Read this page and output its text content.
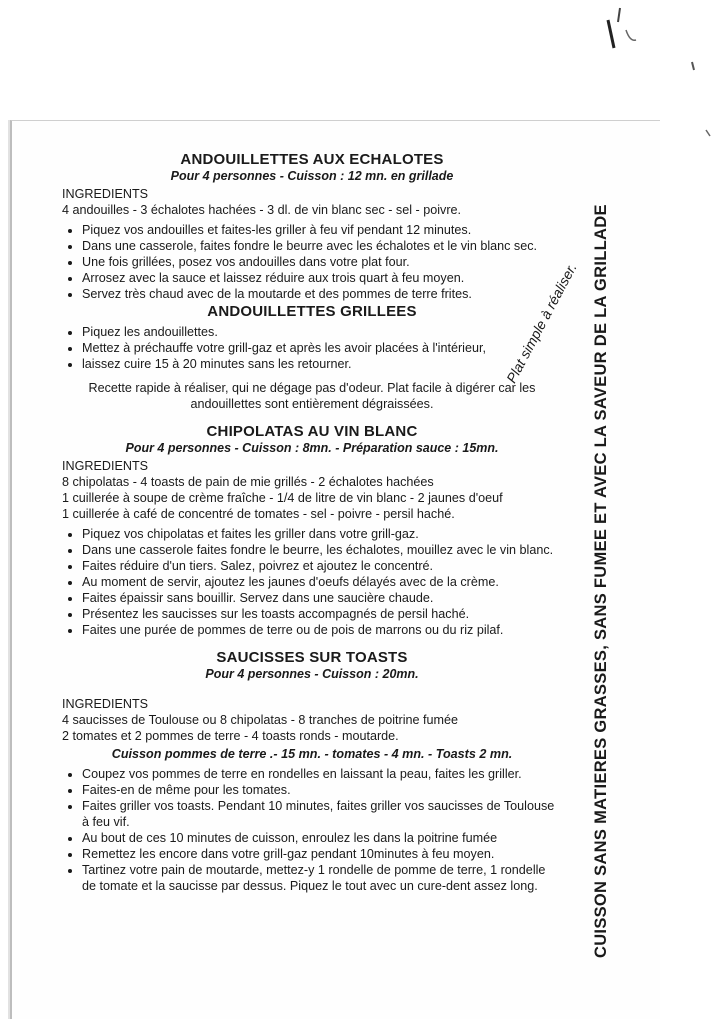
ANDOUILLETTES AUX ECHALOTES

Pour 4 personnes - Cuisson : 12 mn. en grillade

INGREDIENTS

4 andouilles - 3 échalotes hachées - 3 dl. de vin blanc sec - sel - poivre.

• Piquez vos andouilles et faites-les griller à feu vif pendant 12 minutes.
• Dans une casserole, faites fondre le beurre avec les échalotes et le vin blanc sec.
• Une fois grillées, posez vos andouilles dans votre plat four.
• Arrosez avec la sauce et laissez réduire aux trois quart à feu moyen.
• Servez très chaud avec de la moutarde et des pommes de terre frites.
ANDOUILLETTES GRILLEES
• Piquez les andouillettes.
• Mettez à préchauffe votre grill-gaz et après les avoir placées à l'intérieur,
• laissez cuire 15 à 20 minutes sans les retourner.

Recette rapide à réaliser, qui ne dégage pas d'odeur. Plat facile à digérer car les
andouillettes sont entièrement dégraissées.

CHIPOLATAS AU VIN BLANC

Pour 4 personnes - Cuisson : 8mn. - Préparation sauce : 15mn.

INGREDIENTS

8 chipolatas - 4 toasts de pain de mie grillés - 2 échalotes hachées

1 cuillerée à soupe de crème fraîche - 1/4 de litre de vin blanc - 2 jaunes d'oeuf

1 cuillerée à café de concentré de tomates - sel - poivre - persil haché.

• Piquez vos chipolatas et faites les griller dans votre grill-gaz.
• Dans une casserole faites fondre le beurre, les échalotes, mouillez avec le vin blanc.
• Faites réduire d'un tiers. Salez, poivrez et ajoutez le concentré.
• Au moment de servir, ajoutez les jaunes d'oeufs délayés avec de la crème.
• Faites épaissir sans bouillir. Servez dans une saucière chaude.
• Présentez les saucisses sur les toasts accompagnés de persil haché.
• Faites une purée de pommes de terre ou de pois de marrons ou du riz pilaf.
SAUCISSES SUR TOASTS

Pour 4 personnes - Cuisson : 20mn.

INGREDIENTS

4 saucisses de Toulouse ou 8 chipolatas - 8 tranches de poitrine fumée

2 tomates et 2 pommes de terre - 4 toasts ronds - moutarde.

Cuisson pommes de terre .- 15 mn. - tomates - 4 mn. - Toasts 2 mn.

• Coupez vos pommes de terre en rondelles en laissant la peau, faites les griller.
• Faites-en de même pour les tomates.
• Faites griller vos toasts. Pendant 10 minutes, faites griller vos saucisses de Toulouse à feu vif.
• Au bout de ces 10 minutes de cuisson, enroulez les dans la poitrine fumée
• Remettez les encore dans votre grill-gaz pendant 10minutes à feu moyen.
• Tartinez votre pain de moutarde, mettez-y 1 rondelle de pomme de terre, 1 rondelle de tomate et la saucisse par dessus. Piquez le tout avec un cure-dent assez long.
Plat simple à réaliser. CUISSON SANS MATIERES GRASSES, SANS FUMEE ET AVEC LA SAVEUR DE LA GRILLADE
